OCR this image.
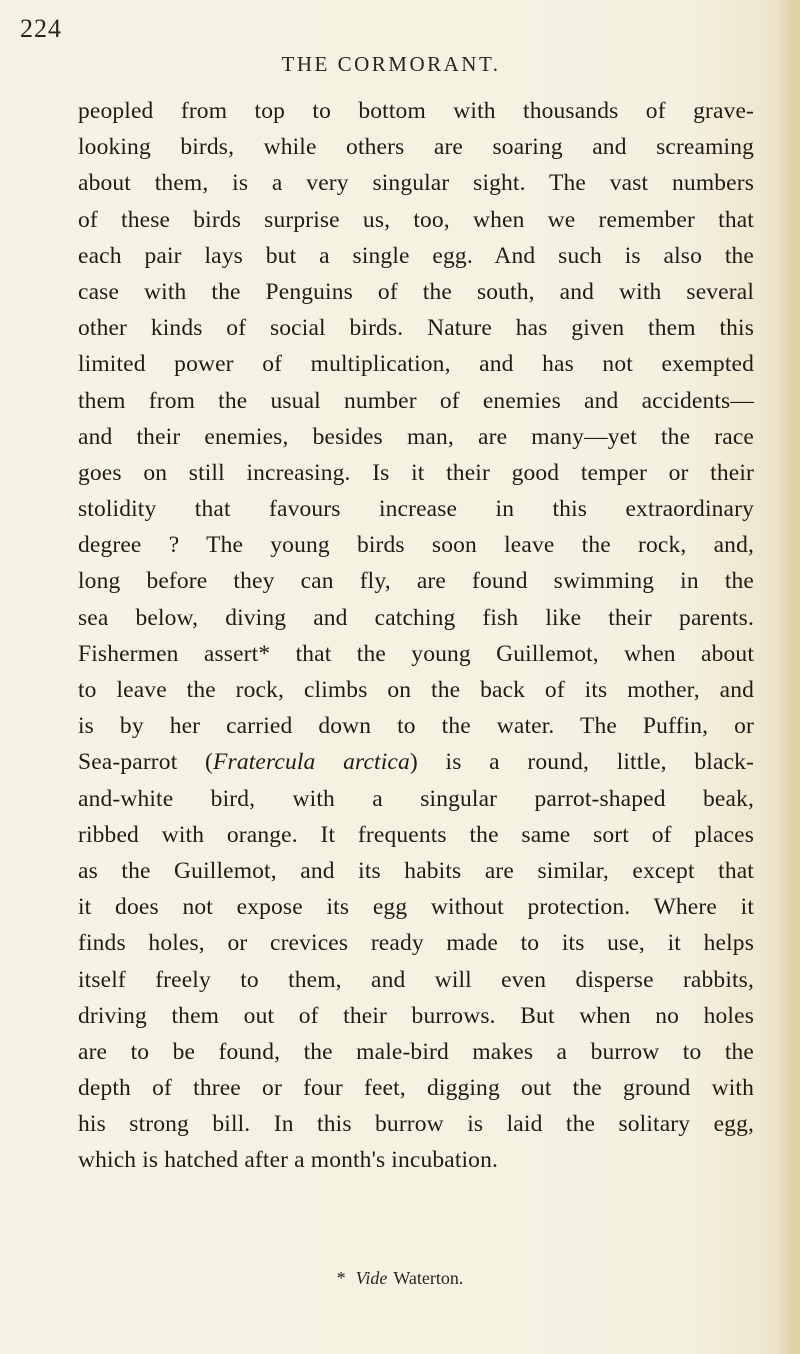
224
THE CORMORANT.
peopled from top to bottom with thousands of grave-
looking birds, while others are soaring and screaming
about them, is a very singular sight. The vast numbers
of these birds surprise us, too, when we remember that
each pair lays but a single egg. And such is also the
case with the Penguins of the south, and with several
other kinds of social birds. Nature has given them this
limited power of multiplication, and has not exempted
them from the usual number of enemies and accidents—
and their enemies, besides man, are many—yet the race
goes on still increasing. Is it their good temper or their
stolidity that favours increase in this extraordinary
degree ? The young birds soon leave the rock, and,
long before they can fly, are found swimming in the
sea below, diving and catching fish like their parents.
Fishermen assert* that the young Guillemot, when about
to leave the rock, climbs on the back of its mother, and
is by her carried down to the water. The Puffin, or
Sea-parrot (Fratercula arctica) is a round, little, black-
and-white bird, with a singular parrot-shaped beak,
ribbed with orange. It frequents the same sort of places
as the Guillemot, and its habits are similar, except that
it does not expose its egg without protection. Where it
finds holes, or crevices ready made to its use, it helps
itself freely to them, and will even disperse rabbits,
driving them out of their burrows. But when no holes
are to be found, the male-bird makes a burrow to the
depth of three or four feet, digging out the ground with
his strong bill. In this burrow is laid the solitary egg,
which is hatched after a month's incubation.
* Vide Waterton.
